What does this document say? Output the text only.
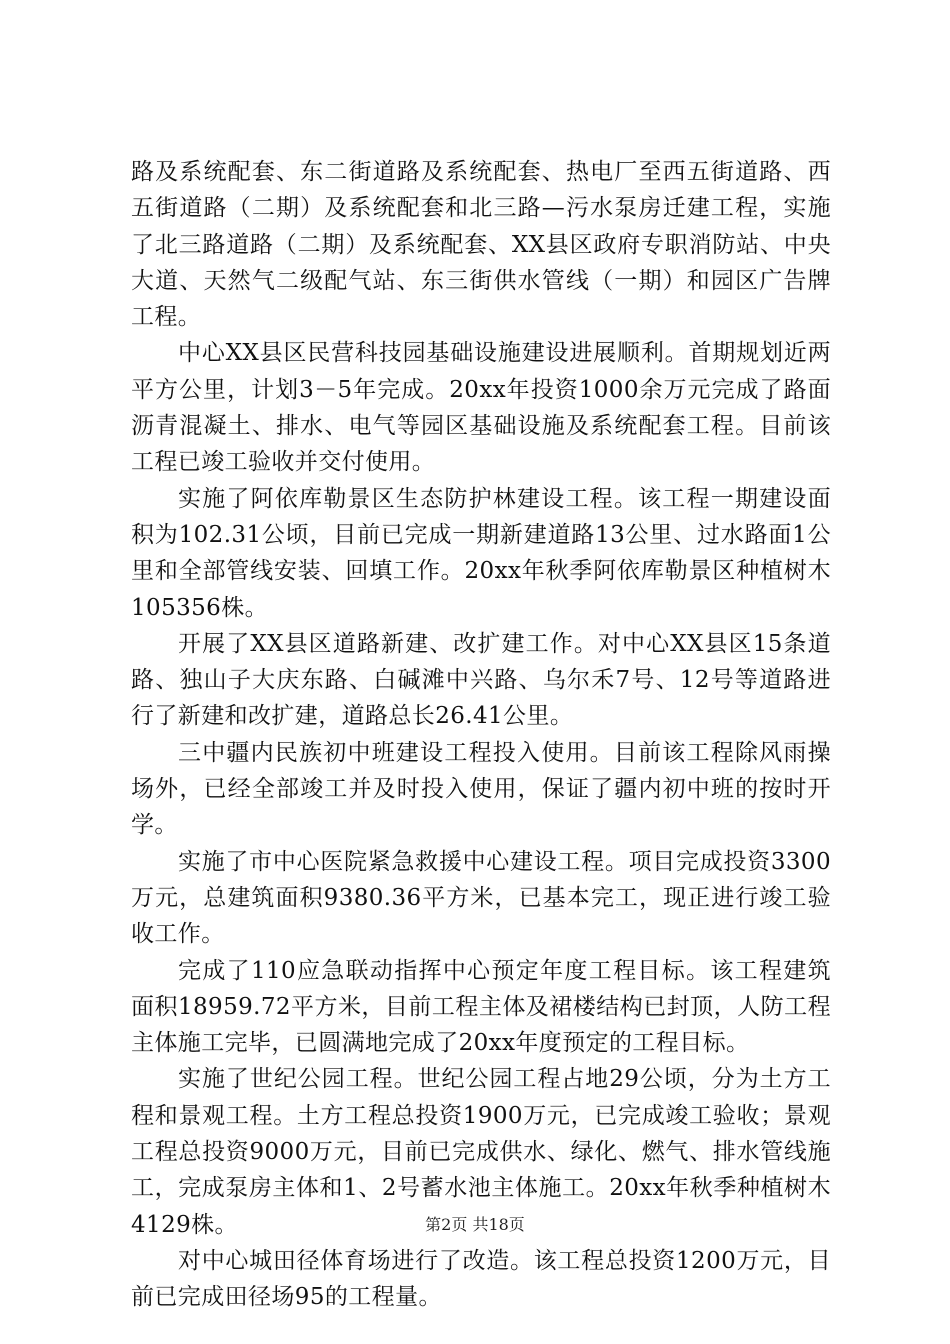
路及系统配套、东二街道路及系统配套、热电厂至西五街道路、西五街道路（二期）及系统配套和北三路—污水泵房迁建工程，实施了北三路道路（二期）及系统配套、XX县区政府专职消防站、中央大道、天然气二级配气站、东三街供水管线（一期）和园区广告牌工程。

中心XX县区民营科技园基础设施建设进展顺利。首期规划近两平方公里，计划3－5年完成。20xx年投资1000余万元完成了路面沥青混凝土、排水、电气等园区基础设施及系统配套工程。目前该工程已竣工验收并交付使用。

实施了阿依库勒景区生态防护林建设工程。该工程一期建设面积为102.31公顷，目前已完成一期新建道路13公里、过水路面1公里和全部管线安装、回填工作。20xx年秋季阿依库勒景区种植树木105356株。

开展了XX县区道路新建、改扩建工作。对中心XX县区15条道路、独山子大庆东路、白碱滩中兴路、乌尔禾7号、12号等道路进行了新建和改扩建，道路总长26.41公里。

三中疆内民族初中班建设工程投入使用。目前该工程除风雨操场外，已经全部竣工并及时投入使用，保证了疆内初中班的按时开学。

实施了市中心医院紧急救援中心建设工程。项目完成投资3300万元，总建筑面积9380.36平方米，已基本完工，现正进行竣工验收工作。

完成了110应急联动指挥中心预定年度工程目标。该工程建筑面积18959.72平方米，目前工程主体及裙楼结构已封顶，人防工程主体施工完毕，已圆满地完成了20xx年度预定的工程目标。

实施了世纪公园工程。世纪公园工程占地29公顷，分为土方工程和景观工程。土方工程总投资1900万元，已完成竣工验收；景观工程总投资9000万元，目前已完成供水、绿化、燃气、排水管线施工，完成泵房主体和1、2号蓄水池主体施工。20xx年秋季种植树木4129株。

对中心城田径体育场进行了改造。该工程总投资1200万元，目前已完成田径场95的工程量。

第2页 共18页
